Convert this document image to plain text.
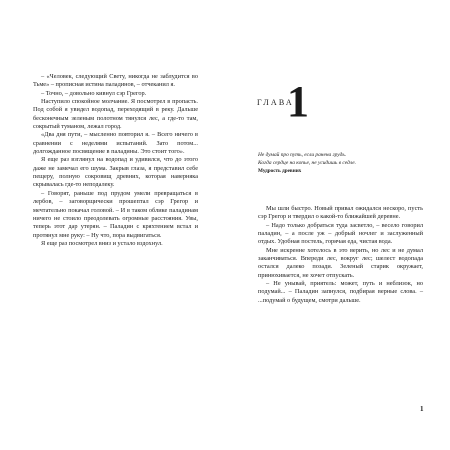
– «Человек, следующий Свету, никогда не заблудится во Тьме» – прописная истина паладинов, – отчеканил я.

– Точно, – довольно кивнул сэр Грегор.

Наступило спокойное молчание. Я посмотрел в пропасть. Под собой я увидел водопад, переходящий в реку. Дальше бесконечным зеленым полотном тянулся лес, а где-то там, сокрытый туманом, лежал город.

«Два дня пути, – мысленно повторил я. – Всего ничего в сравнении с неделями испытаний. Зато потом... долгожданное посвящение в паладины. Это стоит того».

Я еще раз взглянул на водопад и удивился, что до этого даже не замечал его шума. Закрыв глаза, я представил себе пещеру, полную сокровищ древних, которая наверняка скрывалась где-то неподалеку.

– Говорят, раньше под прудом умели превращаться в лербов, – заговорщически прошептал сэр Грегор и мечтательно покачал головой. – И в таком облике паладинам ничего не стоило преодолевать огромные расстояния. Увы, теперь этот дар утерян. – Паладин с кряхтением встал и протянул мне руку: – Ну что, пора выдвигаться.

Я еще раз посмотрел вниз и устало вздохнул.

ГЛАВА
1

Не думай про путь, если ранена грудь.

Когда сердце на копье, не усидишь в седле.

Мудрость древних

Мы шли быстро. Новый привал ожидался нескоро, пусть сэр Грегор и твердил о какой-то ближайшей деревне.

– Надо только добраться туда засветло, – весело говорил паладин, – а после уж – добрый ночлег и заслуженный отдых. Удобная постель, горячая еда, чистая вода.

Мне искренне хотелось в это верить, но лес и не думал заканчиваться. Впереди лес, вокруг лес; шелест водопада остался далеко позади. Зеленый старик окружает, принюхивается, не хочет отпускать.

– Не унывай, приятель: может, путь и неблизок, но подумай... – Паладин запнулся, подбирая верные слова. – ...подумай о будущем, смотри дальше.

1
